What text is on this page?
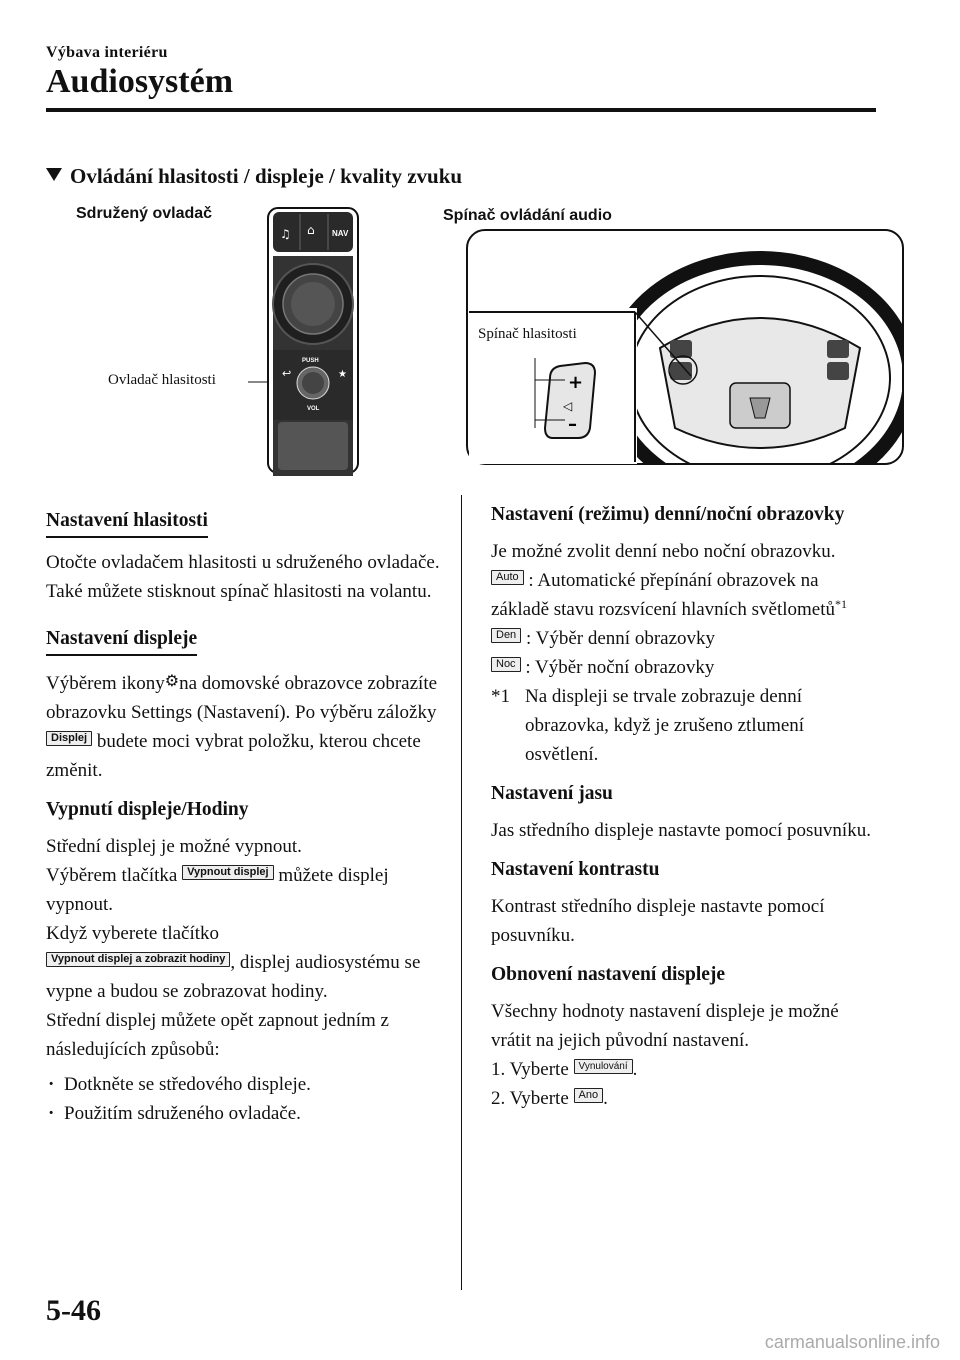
Výbava interiéru
Audiosystém
Ovládání hlasitosti / displeje / kvality zvuku
Sdružený ovladač
Ovladač hlasitosti
♫ ⌂ NAV
PUSH
↩	★
VOL
Spínač ovládání audio
+
◁
–
Spínač hlasitosti
Nastavení hlasitosti

Otočte ovladačem hlasitosti u sdruženého ovladače. Také můžete stisknout spínač hlasitosti na volantu.

Nastavení displeje

Výběrem ikony⚙na domovské obrazovce zobrazíte obrazovku Settings (Nastavení). Po výběru záložky Displej budete moci vybrat položku, kterou chcete změnit.

Vypnutí displeje/Hodiny

Střední displej je možné vypnout.
Výběrem tlačítka Vypnout displej můžete displej vypnout.
Když vyberete tlačítko
Vypnout displej a zobrazit hodiny , displej audiosystému se vypne a budou se zobrazovat hodiny.
Střední displej můžete opět zapnout jedním z následujících způsobů:

· Dotkněte se středového displeje.
· Použitím sdruženého ovladače.
Nastavení (režimu) denní/noční obrazovky

Je možné zvolit denní nebo noční obrazovku.

Auto : Automatické přepínání obrazovek na základě stavu rozsvícení hlavních světlometů$^{*1}$
Den : Výběr denní obrazovky
Noc : Výběr noční obrazovky
*1 Na displeji se trvale zobrazuje denní obrazovka, když je zrušeno ztlumení osvětlení.
Nastavení jasu

Jas středního displeje nastavte pomocí posuvníku.

Nastavení kontrastu

Kontrast středního displeje nastavte pomocí posuvníku.

Obnovení nastavení displeje

Všechny hodnoty nastavení displeje je možné vrátit na jejich původní nastavení.

1. Vyberte Vynulování .
2. Vyberte Ano .
5-46
carmanualsonline.info
